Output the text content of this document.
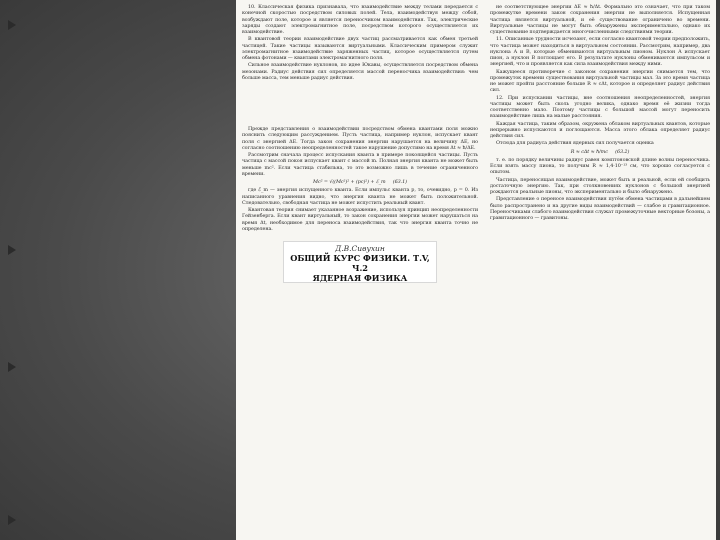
10. Классическая физика признавала, что взаимодействие между телами передается с конечной скоростью посредством силовых полей. Тела, взаимодействуя между собой, возбуждают поле, которое и является переносчиком взаимодействия. Так, электрические заряды создают электромагнитное поле, посредством которого осуществляется их взаимодействие.

В квантовой теории взаимодействие двух частиц рассматривается как обмен третьей частицей. Такие частицы называются виртуальными. Классическим примером служит электромагнитное взаимодействие заряженных частиц, которое осуществляется путем обмена фотонами — квантами электромагнитного поля.

Сильное взаимодействие нуклонов, по идее Юкавы, осуществляется посредством обмена мезонами. Радиус действия сил определяется массой переносчика взаимодействия: чем больше масса, тем меньше радиус действия.

Прежде представления о взаимодействии посредством обмена квантами поля можно пояснить следующим рассуждением. Пусть частица, например нуклон, испускает квант поля с энергией ΔE. Тогда закон сохранения энергии нарушается на величину ΔE, но согласно соотношению неопределенностей такое нарушение допустимо на время Δt ≈ ħ/ΔE.

Рассмотрим сначала процесс испускания кванта в примере покоящейся частицы. Пусть частица с массой покоя испускает квант с массой m. Полная энергия кванта не может быть меньше mc². Если частица стабильна, то это возможно лишь в течение ограниченного времени.

Mc² = √((Mc²)² + (pc)²) + ℰ_m (63.1)

где ℰ_m — энергия испущенного кванта. Если импульс кванта p, то, очевидно, p = 0. Из написанного уравнения видно, что энергия кванта не может быть положительной. Следовательно, свободная частица не может испустить реальный квант.

Квантовая теория снимает указанное возражение, используя принцип неопределенности Гейзенберга. Если квант виртуальный, то закон сохранения энергии может нарушаться на время Δt, необходимое для переноса взаимодействия, так что энергия кванта точно не определена.

не соответствующее энергии ΔE ≈ ħ/Δt. Формально это означает, что при таком промежутке времени закон сохранения энергии не выполняется. Испущенная частица является виртуальной, и её существование ограничено во времени. Виртуальные частицы не могут быть обнаружены экспериментально, однако их существование подтверждается многочисленными следствиями теории.

11. Описанные трудности исчезают, если согласно квантовой теории предположить, что частица может находиться в виртуальном состоянии. Рассмотрим, например, два нуклона A и B, которые обмениваются виртуальным пионом. Нуклон A испускает пион, а нуклон B поглощает его. В результате нуклоны обмениваются импульсом и энергией, что и проявляется как сила взаимодействия между ними.

Кажущееся противоречие с законом сохранения энергии снимается тем, что промежуток времени существования виртуальной частицы мал. За это время частица не может пройти расстояние больше R ≈ cΔt, которое и определяет радиус действия сил.

12. При испускании частицы, вне соотношения неопределенностей, энергия частицы может быть сколь угодно велика, однако время её жизни тогда соответственно мало. Поэтому частицы с большой массой могут переносить взаимодействие лишь на малые расстояния.

Каждая частица, таким образом, окружена облаком виртуальных квантов, которые непрерывно испускаются и поглощаются. Масса этого облака определяет радиус действия сил.

Отсюда для радиуса действия ядерных сил получается оценка

R ≈ cΔt ≈ ħ/mc (63.2)

т. е. по порядку величины радиус равен комптоновской длине волны переносчика. Если взять массу пиона, то получим R ≈ 1,4·10⁻¹³ см, что хорошо согласуется с опытом.

Частица, переносящая взаимодействие, может быть и реальной, если ей сообщить достаточную энергию. Так, при столкновениях нуклонов с большой энергией рождаются реальные пионы, что экспериментально и было обнаружено.

Представление о переносе взаимодействия путём обмена частицами в дальнейшем было распространено и на другие виды взаимодействий — слабое и гравитационное. Переносчиками слабого взаимодействия служат промежуточные векторные бозоны, а гравитационного — гравитоны.

Д.В.Сивухин
ОБЩИЙ КУРС ФИЗИКИ. Т.V, Ч.2
ЯДЕРНАЯ ФИЗИКА
